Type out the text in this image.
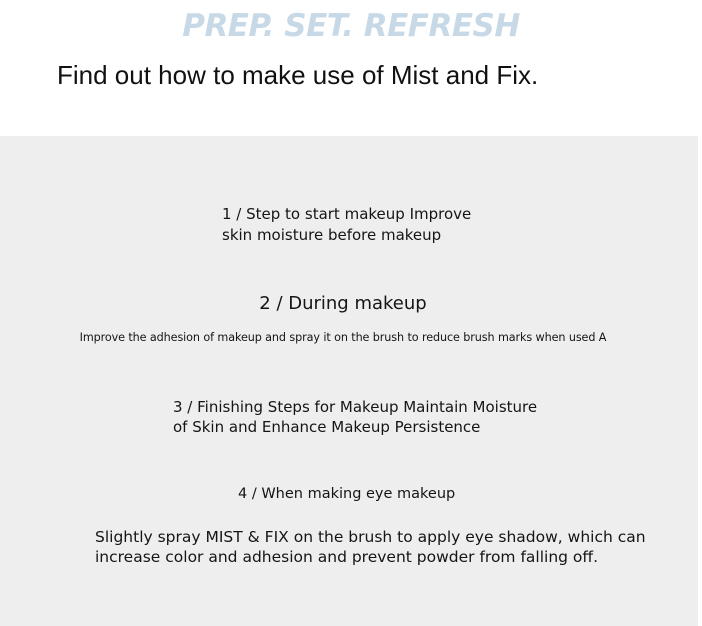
PREP. SET. REFRESH
Find out how to make use of Mist and Fix.
1 / Step to start makeup Improve
skin moisture before makeup
2 / During makeup
Improve the adhesion of makeup and spray it on the brush to reduce brush marks when used A
3 / Finishing Steps for Makeup Maintain Moisture
of Skin and Enhance Makeup Persistence
4 / When making eye makeup
Slightly spray MIST & FIX on the brush to apply eye shadow, which can
increase color and adhesion and prevent powder from falling off.
